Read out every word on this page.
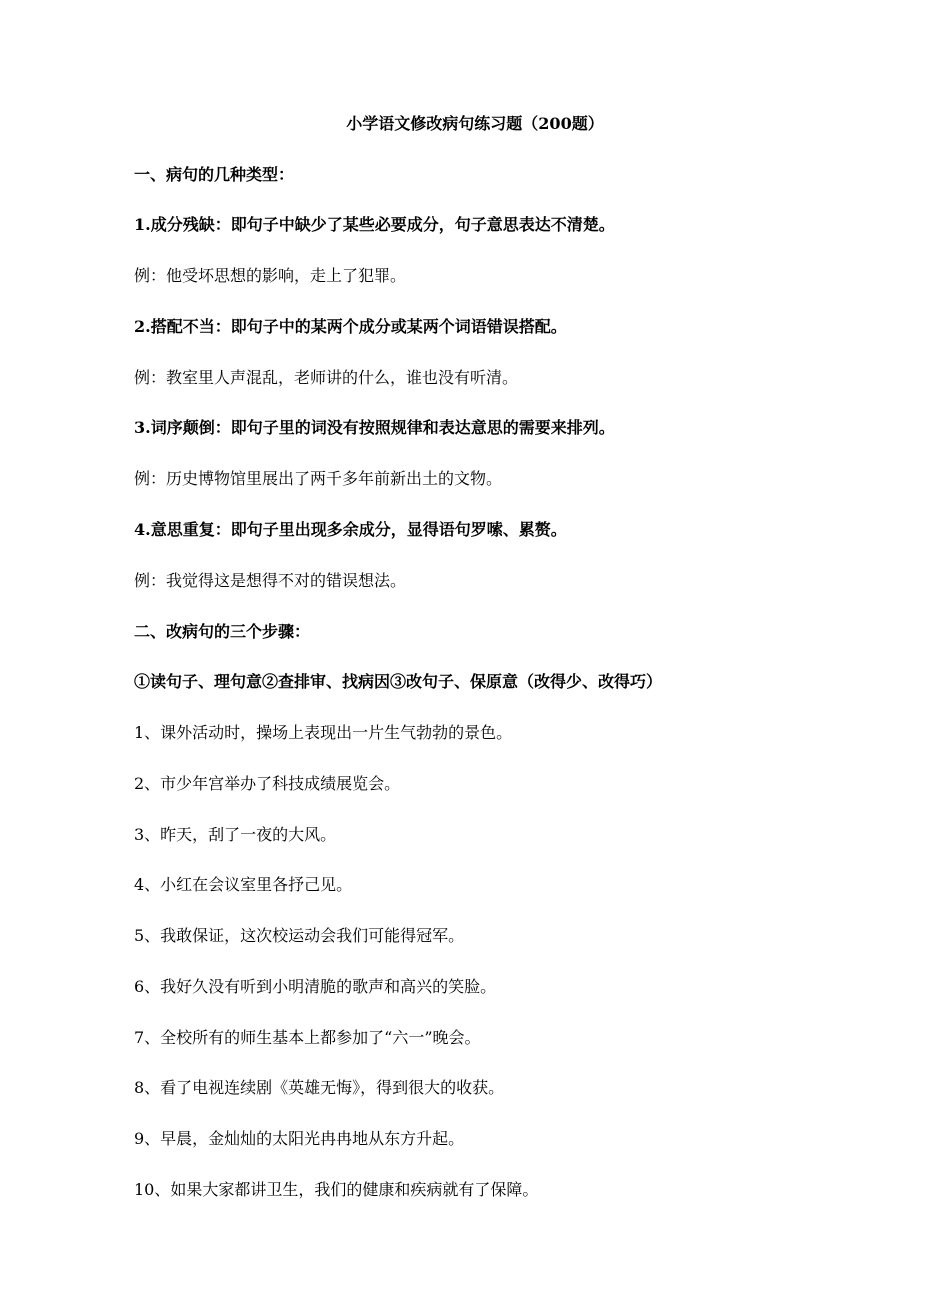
小学语文修改病句练习题（200题）
一、病句的几种类型：
1.成分残缺：即句子中缺少了某些必要成分，句子意思表达不清楚。
例：他受坏思想的影响，走上了犯罪。
2.搭配不当：即句子中的某两个成分或某两个词语错误搭配。
例：教室里人声混乱，老师讲的什么，谁也没有听清。
3.词序颠倒：即句子里的词没有按照规律和表达意思的需要来排列。
例：历史博物馆里展出了两千多年前新出土的文物。
4.意思重复：即句子里出现多余成分，显得语句罗嗦、累赘。
例：我觉得这是想得不对的错误想法。
二、改病句的三个步骤：
①读句子、理句意②查排审、找病因③改句子、保原意（改得少、改得巧）
1、课外活动时，操场上表现出一片生气勃勃的景色。
2、市少年宫举办了科技成绩展览会。
3、昨天，刮了一夜的大风。
4、小红在会议室里各抒己见。
5、我敢保证，这次校运动会我们可能得冠军。
6、我好久没有听到小明清脆的歌声和高兴的笑脸。
7、全校所有的师生基本上都参加了“六一”晚会。
8、看了电视连续剧《英雄无悔》，得到很大的收获。
9、早晨，金灿灿的太阳光冉冉地从东方升起。
10、如果大家都讲卫生，我们的健康和疾病就有了保障。
